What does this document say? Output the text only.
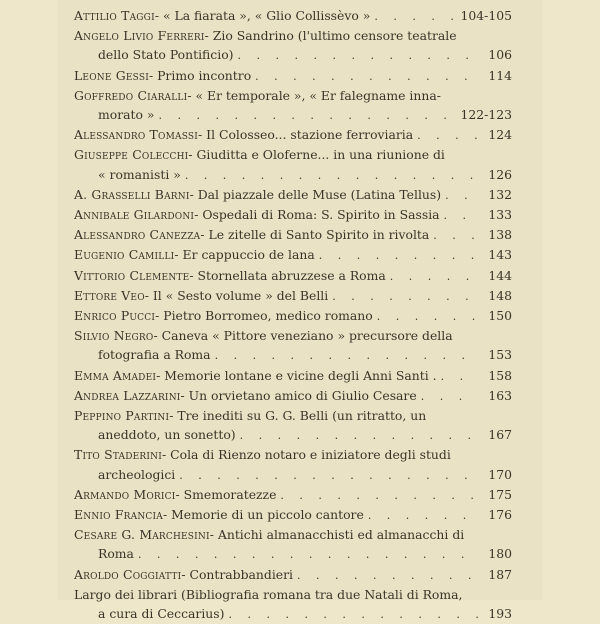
Attilio Taggi - « La fiarata », « Glio Collissèvo » . . .	104-105
Angelo Livio Ferreri - Zio Sandrino (l'ultimo censore teatrale
dello Stato Pontificio) . . .	106
Leone Gessi - Primo incontro . . .	114
Goffredo Ciaralli - « Er temporale », « Er falegname inna-
morato » . . .	122-123
Alessandro Tomassi - Il Colosseo... stazione ferroviaria . . .	124
Giuseppe Colecchi - Giuditta e Oloferne... in una riunione di
« romanisti » . . .	126
A. Grasselli Barni - Dal piazzale delle Muse (Latina Tellus) . . .	132
Annibale Gilardoni - Ospedali di Roma: S. Spirito in Sassia . . .	133
Alessandro Canezza - Le zitelle di Santo Spirito in rivolta . . .	138
Eugenio Camilli - Er cappuccio de lana . . .	143
Vittorio Clemente - Stornellata abruzzese a Roma . . .	144
Ettore Veo - Il « Sesto volume » del Belli . . .	148
Enrico Pucci - Pietro Borromeo, medico romano . . .	150
Silvio Negro - Caneva « Pittore veneziano » precursore della
fotografia a Roma . . .	153
Emma Amadei - Memorie lontane e vicine degli Anni Santi . . . .	158
Andrea Lazzarini - Un orvietano amico di Giulio Cesare . . .	163
Peppino Partini - Tre inediti su G. G. Belli (un ritratto, un
aneddoto, un sonetto) . . .	167
Tito Staderini - Cola di Rienzo notaro e iniziatore degli studi
archeologici . . .	170
Armando Morici - Smemoratezze . . .	175
Ennio Francia - Memorie di un piccolo cantore . . .	176
Cesare G. Marchesini - Antichi almanacchisti ed almanacchi di
Roma . . .	180
Aroldo Coggiatti - Contrabbandieri . . .	187
Largo dei librari (Bibliografia romana tra due Natali di Roma,
a cura di Ceccarius) . . .	193
